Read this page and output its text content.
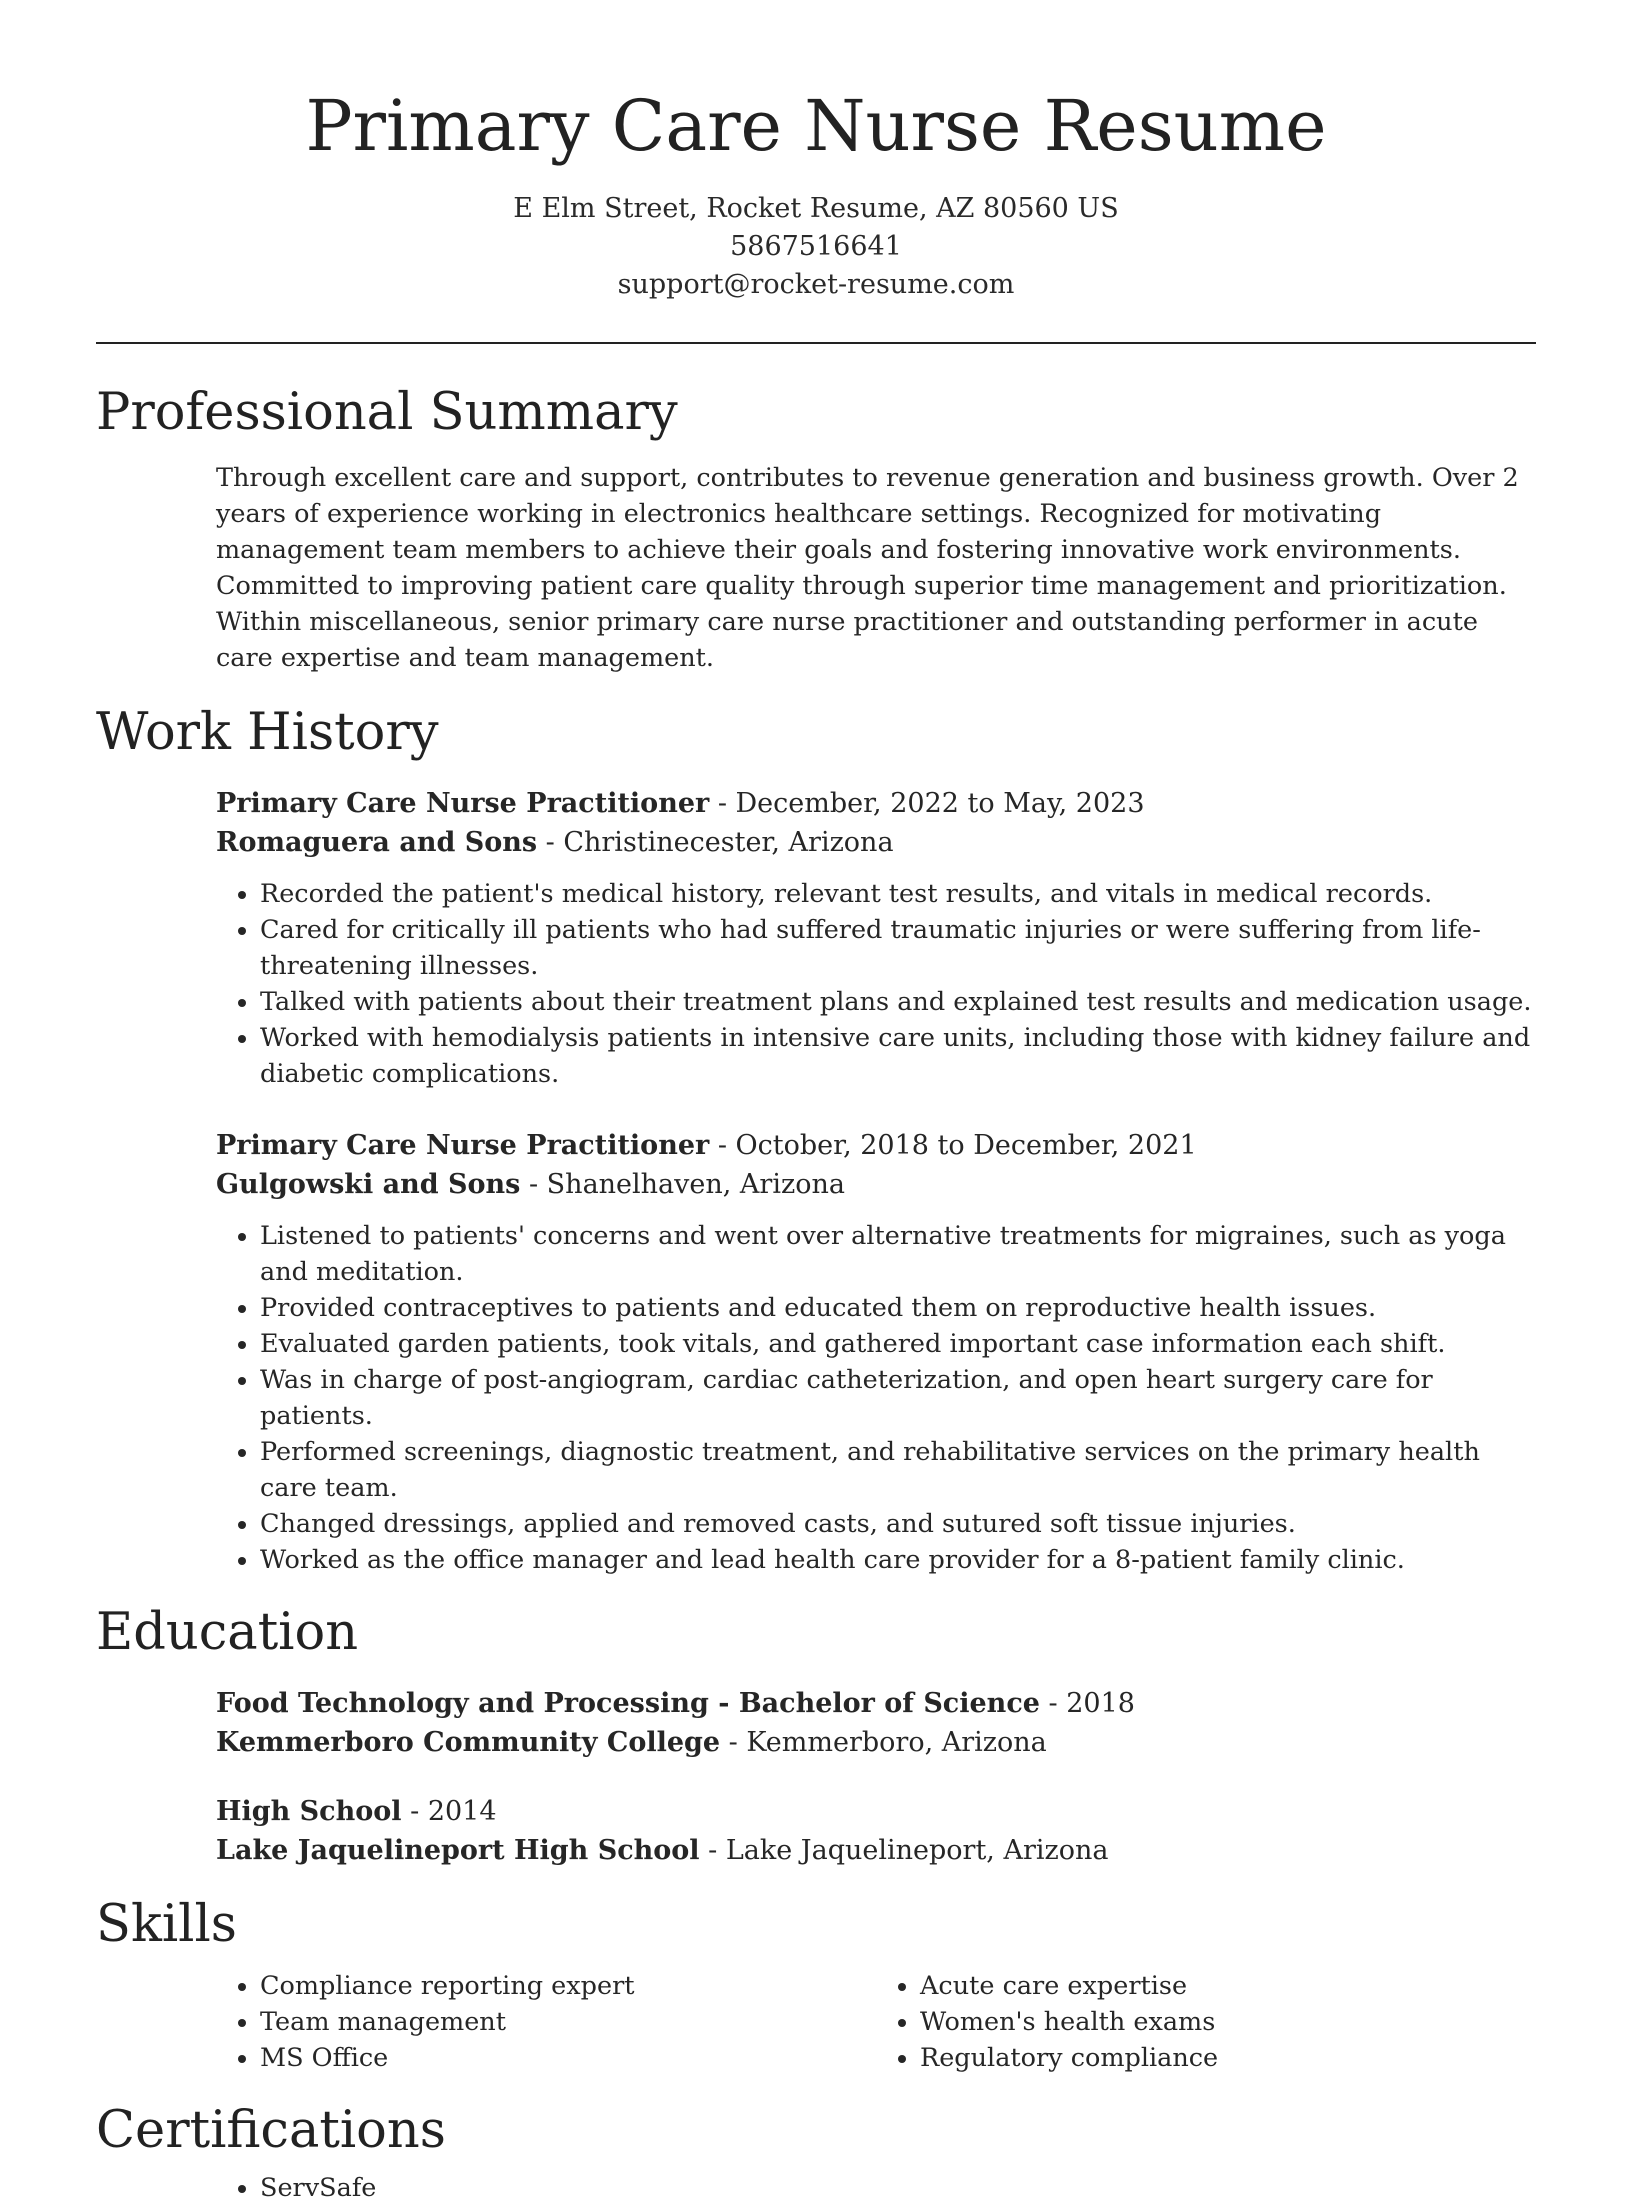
Primary Care Nurse Resume
E Elm Street, Rocket Resume, AZ 80560 US
5867516641
support@rocket-resume.com
Professional Summary
Through excellent care and support, contributes to revenue generation and business growth. Over 2 years of experience working in electronics healthcare settings. Recognized for motivating management team members to achieve their goals and fostering innovative work environments. Committed to improving patient care quality through superior time management and prioritization. Within miscellaneous, senior primary care nurse practitioner and outstanding performer in acute care expertise and team management.
Work History
Primary Care Nurse Practitioner - December, 2022 to May, 2023
Romaguera and Sons - Christinecester, Arizona
• Recorded the patient's medical history, relevant test results, and vitals in medical records.
• Cared for critically ill patients who had suffered traumatic injuries or were suffering from life-threatening illnesses.
• Talked with patients about their treatment plans and explained test results and medication usage.
• Worked with hemodialysis patients in intensive care units, including those with kidney failure and diabetic complications.
Primary Care Nurse Practitioner - October, 2018 to December, 2021
Gulgowski and Sons - Shanelhaven, Arizona
• Listened to patients' concerns and went over alternative treatments for migraines, such as yoga and meditation.
• Provided contraceptives to patients and educated them on reproductive health issues.
• Evaluated garden patients, took vitals, and gathered important case information each shift.
• Was in charge of post-angiogram, cardiac catheterization, and open heart surgery care for patients.
• Performed screenings, diagnostic treatment, and rehabilitative services on the primary health care team.
• Changed dressings, applied and removed casts, and sutured soft tissue injuries.
• Worked as the office manager and lead health care provider for a 8-patient family clinic.
Education
Food Technology and Processing - Bachelor of Science - 2018
Kemmerboro Community College - Kemmerboro, Arizona
High School - 2014
Lake Jaquelineport High School - Lake Jaquelineport, Arizona
Skills
• Compliance reporting expert
• Team management
• MS Office
• Acute care expertise
• Women's health exams
• Regulatory compliance
Certifications
• ServSafe
